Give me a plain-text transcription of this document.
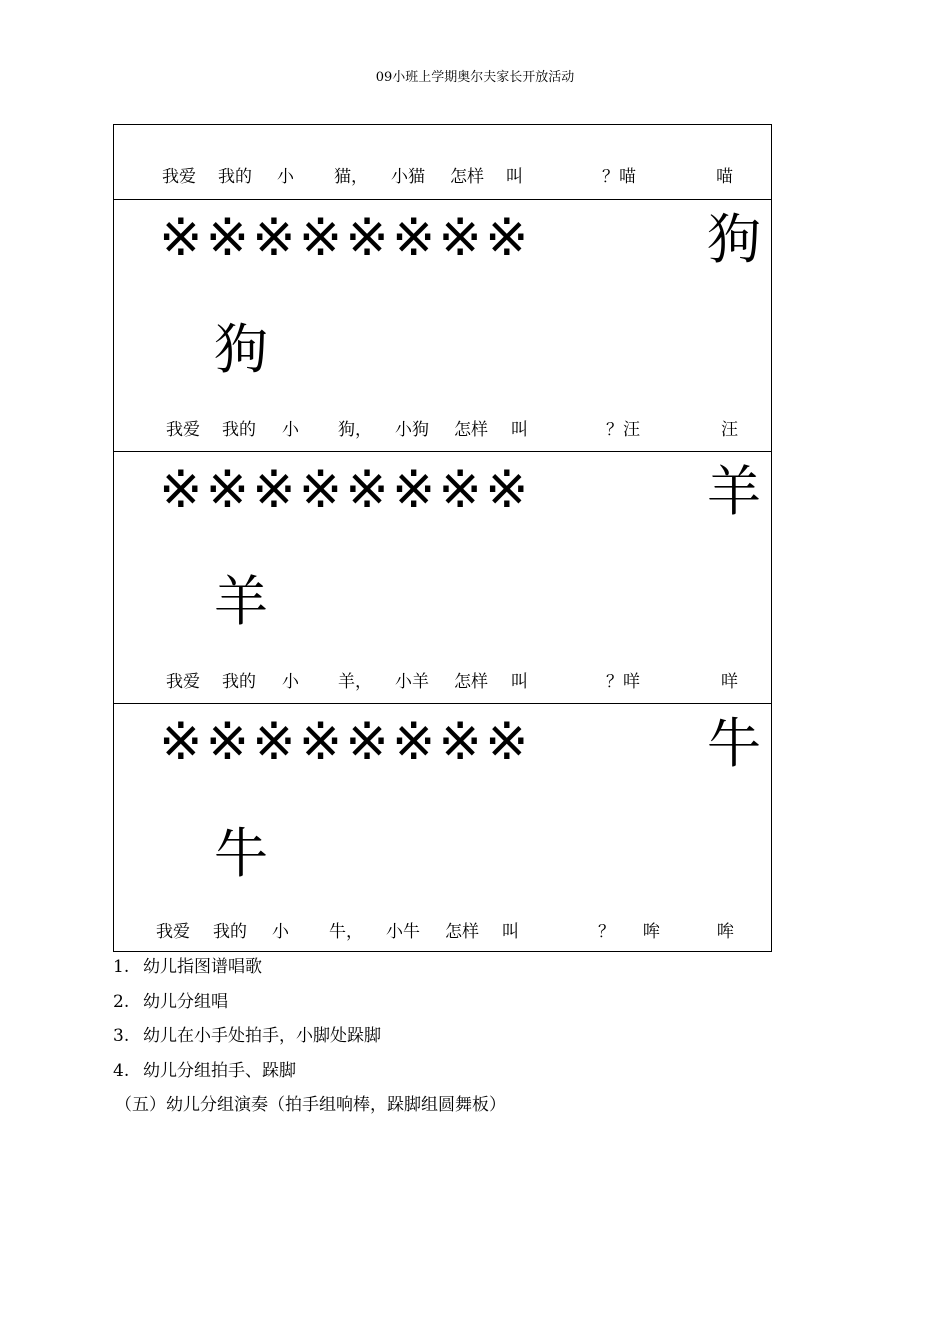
09小班上学期奥尔夫家长开放活动
我爱 我的 小 猫， 小猫 怎样 叫	？喵	喵
※※※※※※※※	狗
狗
我爱 我的 小 狗， 小狗 怎样 叫	？汪	汪
※※※※※※※※	羊
羊
我爱 我的 小 羊， 小羊 怎样 叫	？咩	咩
※※※※※※※※	牛
牛
我爱 我的 小 牛， 小牛 怎样 叫	？ 哞	哞
1. 幼儿指图谱唱歌
2. 幼儿分组唱
3. 幼儿在小手处拍手，小脚处跺脚
4. 幼儿分组拍手、跺脚
（五）幼儿分组演奏（拍手组响棒，跺脚组圆舞板）
